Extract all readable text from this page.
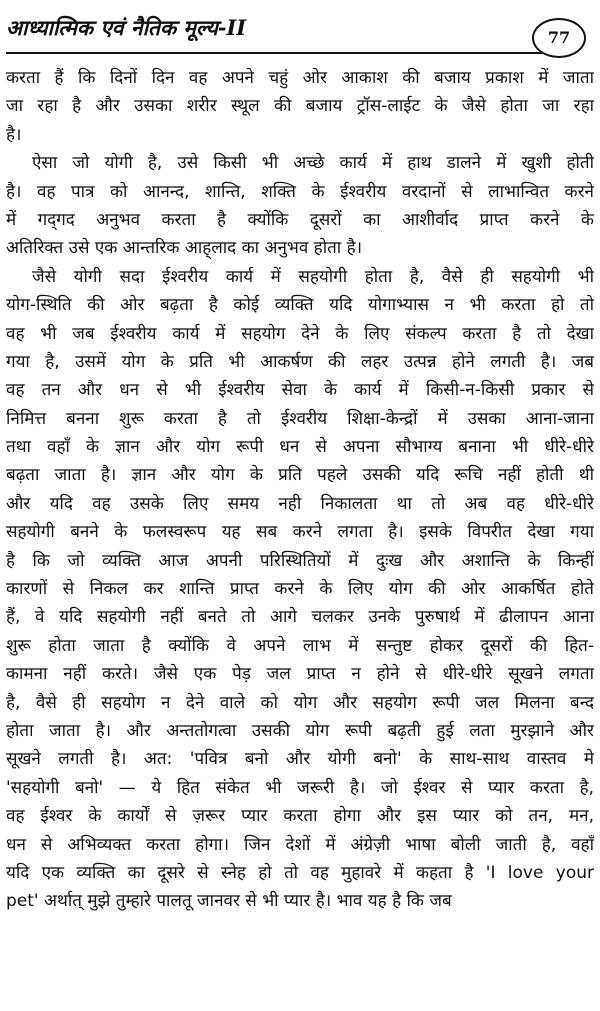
आध्यात्मिक एवं नैतिक मूल्य-II	77
करता हैं कि दिनों दिन वह अपने चहुं ओर आकाश की बजाय प्रकाश में जाता
जा रहा है और उसका शरीर स्थूल की बजाय ट्रॉस-लाईट के जैसे होता जा रहा
है।
ऐसा जो योगी है, उसे किसी भी अच्छे कार्य में हाथ डालने में खुशी होती
है। वह पात्र को आनन्द, शान्ति, शक्ति के ईश्वरीय वरदानों से लाभान्वित करने
में गद्‌गद अनुभव करता है क्योंकि दूसरों का आशीर्वाद प्राप्त करने के
अतिरिक्त उसे एक आन्तरिक आह्‌लाद का अनुभव होता है।
जैसे योगी सदा ईश्वरीय कार्य में सहयोगी होता है, वैसे ही सहयोगी भी
योग-स्थिति की ओर बढ़ता है कोई व्यक्ति यदि योगाभ्यास न भी करता हो तो
वह भी जब ईश्वरीय कार्य में सहयोग देने के लिए संकल्प करता है तो देखा
गया है, उसमें योग के प्रति भी आकर्षण की लहर उत्पन्न होने लगती है। जब
वह तन और धन से भी ईश्वरीय सेवा के कार्य में किसी-न-किसी प्रकार से
निमित्त बनना शुरू करता है तो ईश्वरीय शिक्षा-केन्द्रों में उसका आना-जाना
तथा वहाँ के ज्ञान और योग रूपी धन से अपना सौभाग्य बनाना भी धीरे-धीरे
बढ़ता जाता है। ज्ञान और योग के प्रति पहले उसकी यदि रूचि नहीं होती थी
और यदि वह उसके लिए समय नही निकालता था तो अब वह धीरे-धीरे
सहयोगी बनने के फलस्वरूप यह सब करने लगता है। इसके विपरीत देखा गया
है कि जो व्यक्ति आज अपनी परिस्थितियों में दुःख और अशान्ति के किन्हीं
कारणों से निकल कर शान्ति प्राप्त करने के लिए योग की ओर आकर्षित होते
हैं, वे यदि सहयोगी नहीं बनते तो आगे चलकर उनके पुरुषार्थ में ढीलापन आना
शुरू होता जाता है क्योंकि वे अपने लाभ में सन्तुष्ट होकर दूसरों की हित-
कामना नहीं करते। जैसे एक पेड़ जल प्राप्त न होने से धीरे-धीरे सूखने लगता
है, वैसे ही सहयोग न देने वाले को योग और सहयोग रूपी जल मिलना बन्द
होता जाता है। और अन्ततोगत्वा उसकी योग रूपी बढ़ती हुई लता मुरझाने और
सूखने लगती है। अत: 'पवित्र बनो और योगी बनो' के साथ-साथ वास्तव मे
'सहयोगी बनो' — ये हित संकेत भी जरूरी है। जो ईश्वर से प्यार करता है,
वह ईश्वर के कार्यों से ज़रूर प्यार करता होगा और इस प्यार को तन, मन,
धन से अभिव्यक्त करता होगा। जिन देशों में अंग्रेज़ी भाषा बोली जाती है, वहाँ
यदि एक व्यक्ति का दूसरे से स्नेह हो तो वह मुहावरे में कहता है 'I love your
pet' अर्थात् मुझे तुम्हारे पालतू जानवर से भी प्यार है। भाव यह है कि जब
